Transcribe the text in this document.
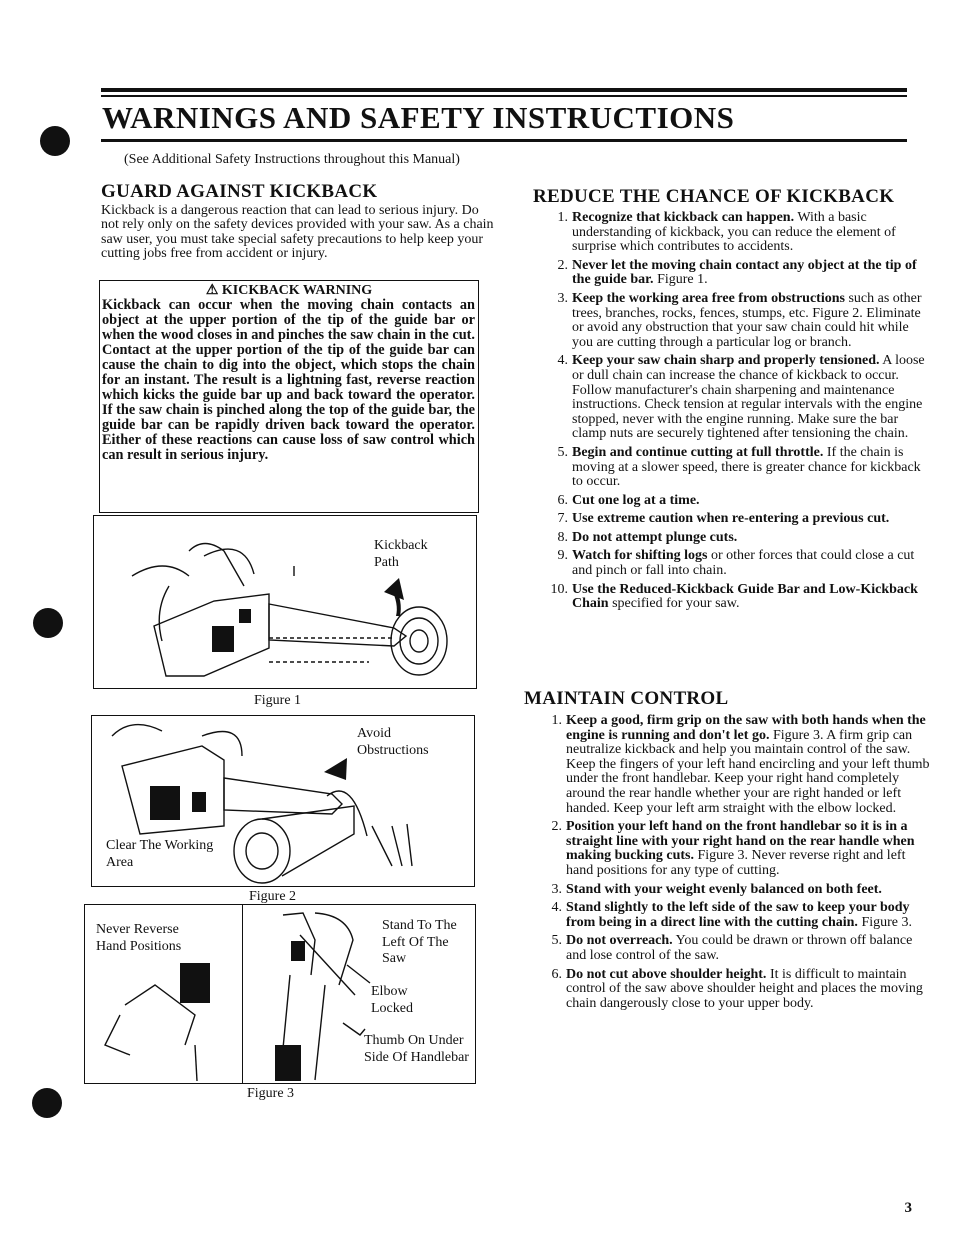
WARNINGS AND SAFETY INSTRUCTIONS
(See Additional Safety Instructions throughout this Manual)
GUARD AGAINST KICKBACK
Kickback is a dangerous reaction that can lead to serious injury. Do not rely only on the safety devices provided with your saw. As a chain saw user, you must take special safety precautions to help keep your cutting jobs free from accident or injury.
⚠ KICKBACK WARNING
Kickback can occur when the moving chain contacts an object at the upper portion of the tip of the guide bar or when the wood closes in and pinches the saw chain in the cut. Contact at the upper portion of the tip of the guide bar can cause the chain to dig into the object, which stops the chain for an instant. The result is a lightning fast, reverse reaction which kicks the guide bar up and back toward the operator. If the saw chain is pinched along the top of the guide bar, the guide bar can be rapidly driven back toward the operator. Either of these reactions can cause loss of saw control which can result in serious injury.
Kickback Path
Figure 1
Avoid Obstructions
Clear The Working Area
Figure 2
Never Reverse Hand Positions
Stand To The Left Of The Saw
Elbow Locked
Thumb On Under Side Of Handlebar
Figure 3
REDUCE THE CHANCE OF KICKBACK
1. Recognize that kickback can happen. With a basic understanding of kickback, you can reduce the element of surprise which contributes to accidents.
2. Never let the moving chain contact any object at the tip of the guide bar. Figure 1.
3. Keep the working area free from obstructions such as other trees, branches, rocks, fences, stumps, etc. Figure 2. Eliminate or avoid any obstruction that your saw chain could hit while you are cutting through a particular log or branch.
4. Keep your saw chain sharp and properly tensioned. A loose or dull chain can increase the chance of kickback to occur. Follow manufacturer's chain sharpening and maintenance instructions. Check tension at regular intervals with the engine stopped, never with the engine running. Make sure the bar clamp nuts are securely tightened after tensioning the chain.
5. Begin and continue cutting at full throttle. If the chain is moving at a slower speed, there is greater chance for kickback to occur.
6. Cut one log at a time.
7. Use extreme caution when re-entering a previous cut.
8. Do not attempt plunge cuts.
9. Watch for shifting logs or other forces that could close a cut and pinch or fall into chain.
10. Use the Reduced-Kickback Guide Bar and Low-Kickback Chain specified for your saw.
MAINTAIN CONTROL
1. Keep a good, firm grip on the saw with both hands when the engine is running and don't let go. Figure 3. A firm grip can neutralize kickback and help you maintain control of the saw. Keep the fingers of your left hand encircling and your left thumb under the front handlebar. Keep your right hand completely around the rear handle whether your are right handed or left handed. Keep your left arm straight with the elbow locked.
2. Position your left hand on the front handlebar so it is in a straight line with your right hand on the rear handle when making bucking cuts. Figure 3. Never reverse right and left hand positions for any type of cutting.
3. Stand with your weight evenly balanced on both feet.
4. Stand slightly to the left side of the saw to keep your body from being in a direct line with the cutting chain. Figure 3.
5. Do not overreach. You could be drawn or thrown off balance and lose control of the saw.
6. Do not cut above shoulder height. It is difficult to maintain control of the saw above shoulder height and places the moving chain dangerously close to your upper body.
3
